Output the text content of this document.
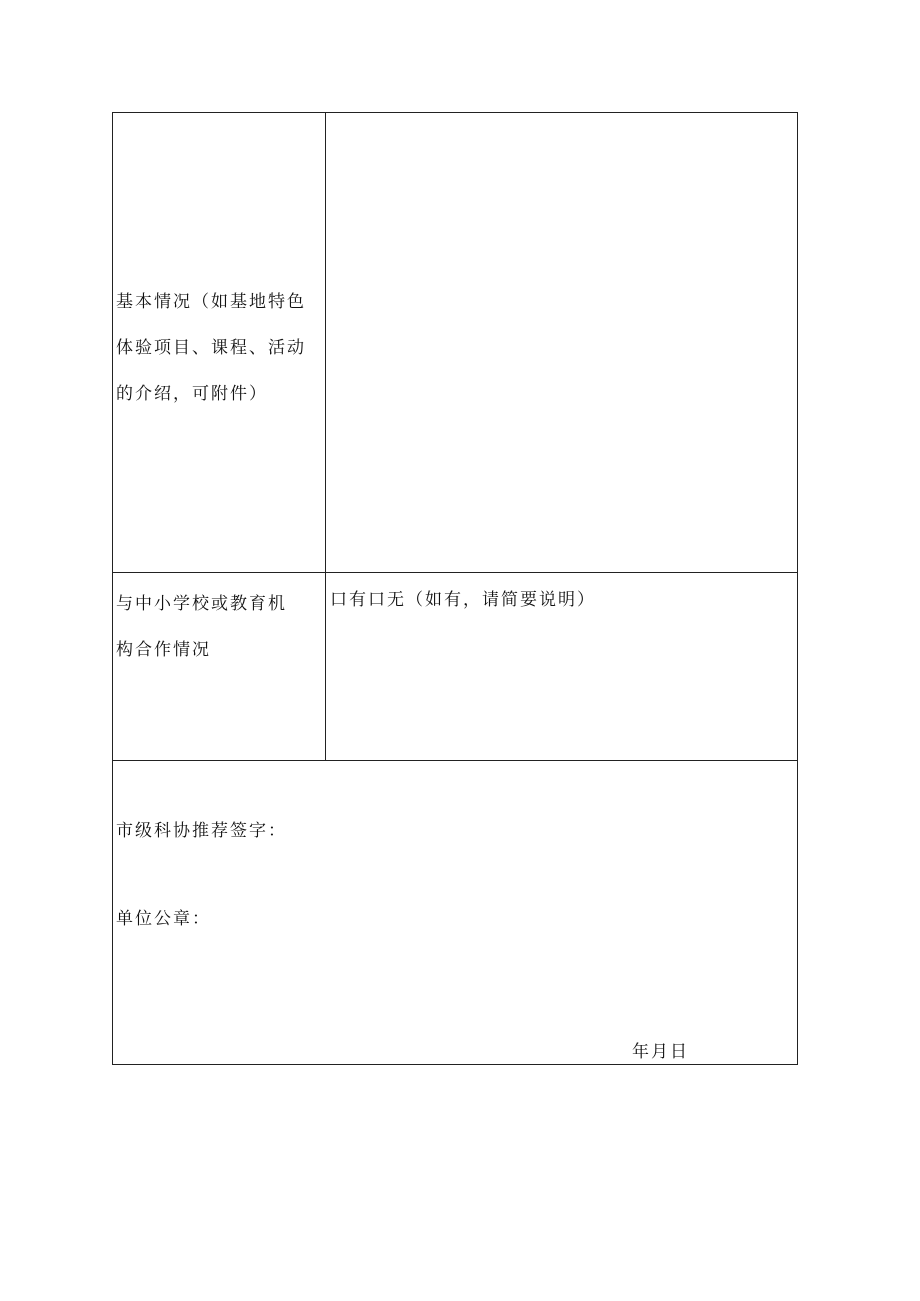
基本情况（如基地特色
体验项目、课程、活动
的介绍，可附件）
与中小学校或教育机
构合作情况
口有口无（如有，请简要说明）
市级科协推荐签字：
单位公章：
年月日
